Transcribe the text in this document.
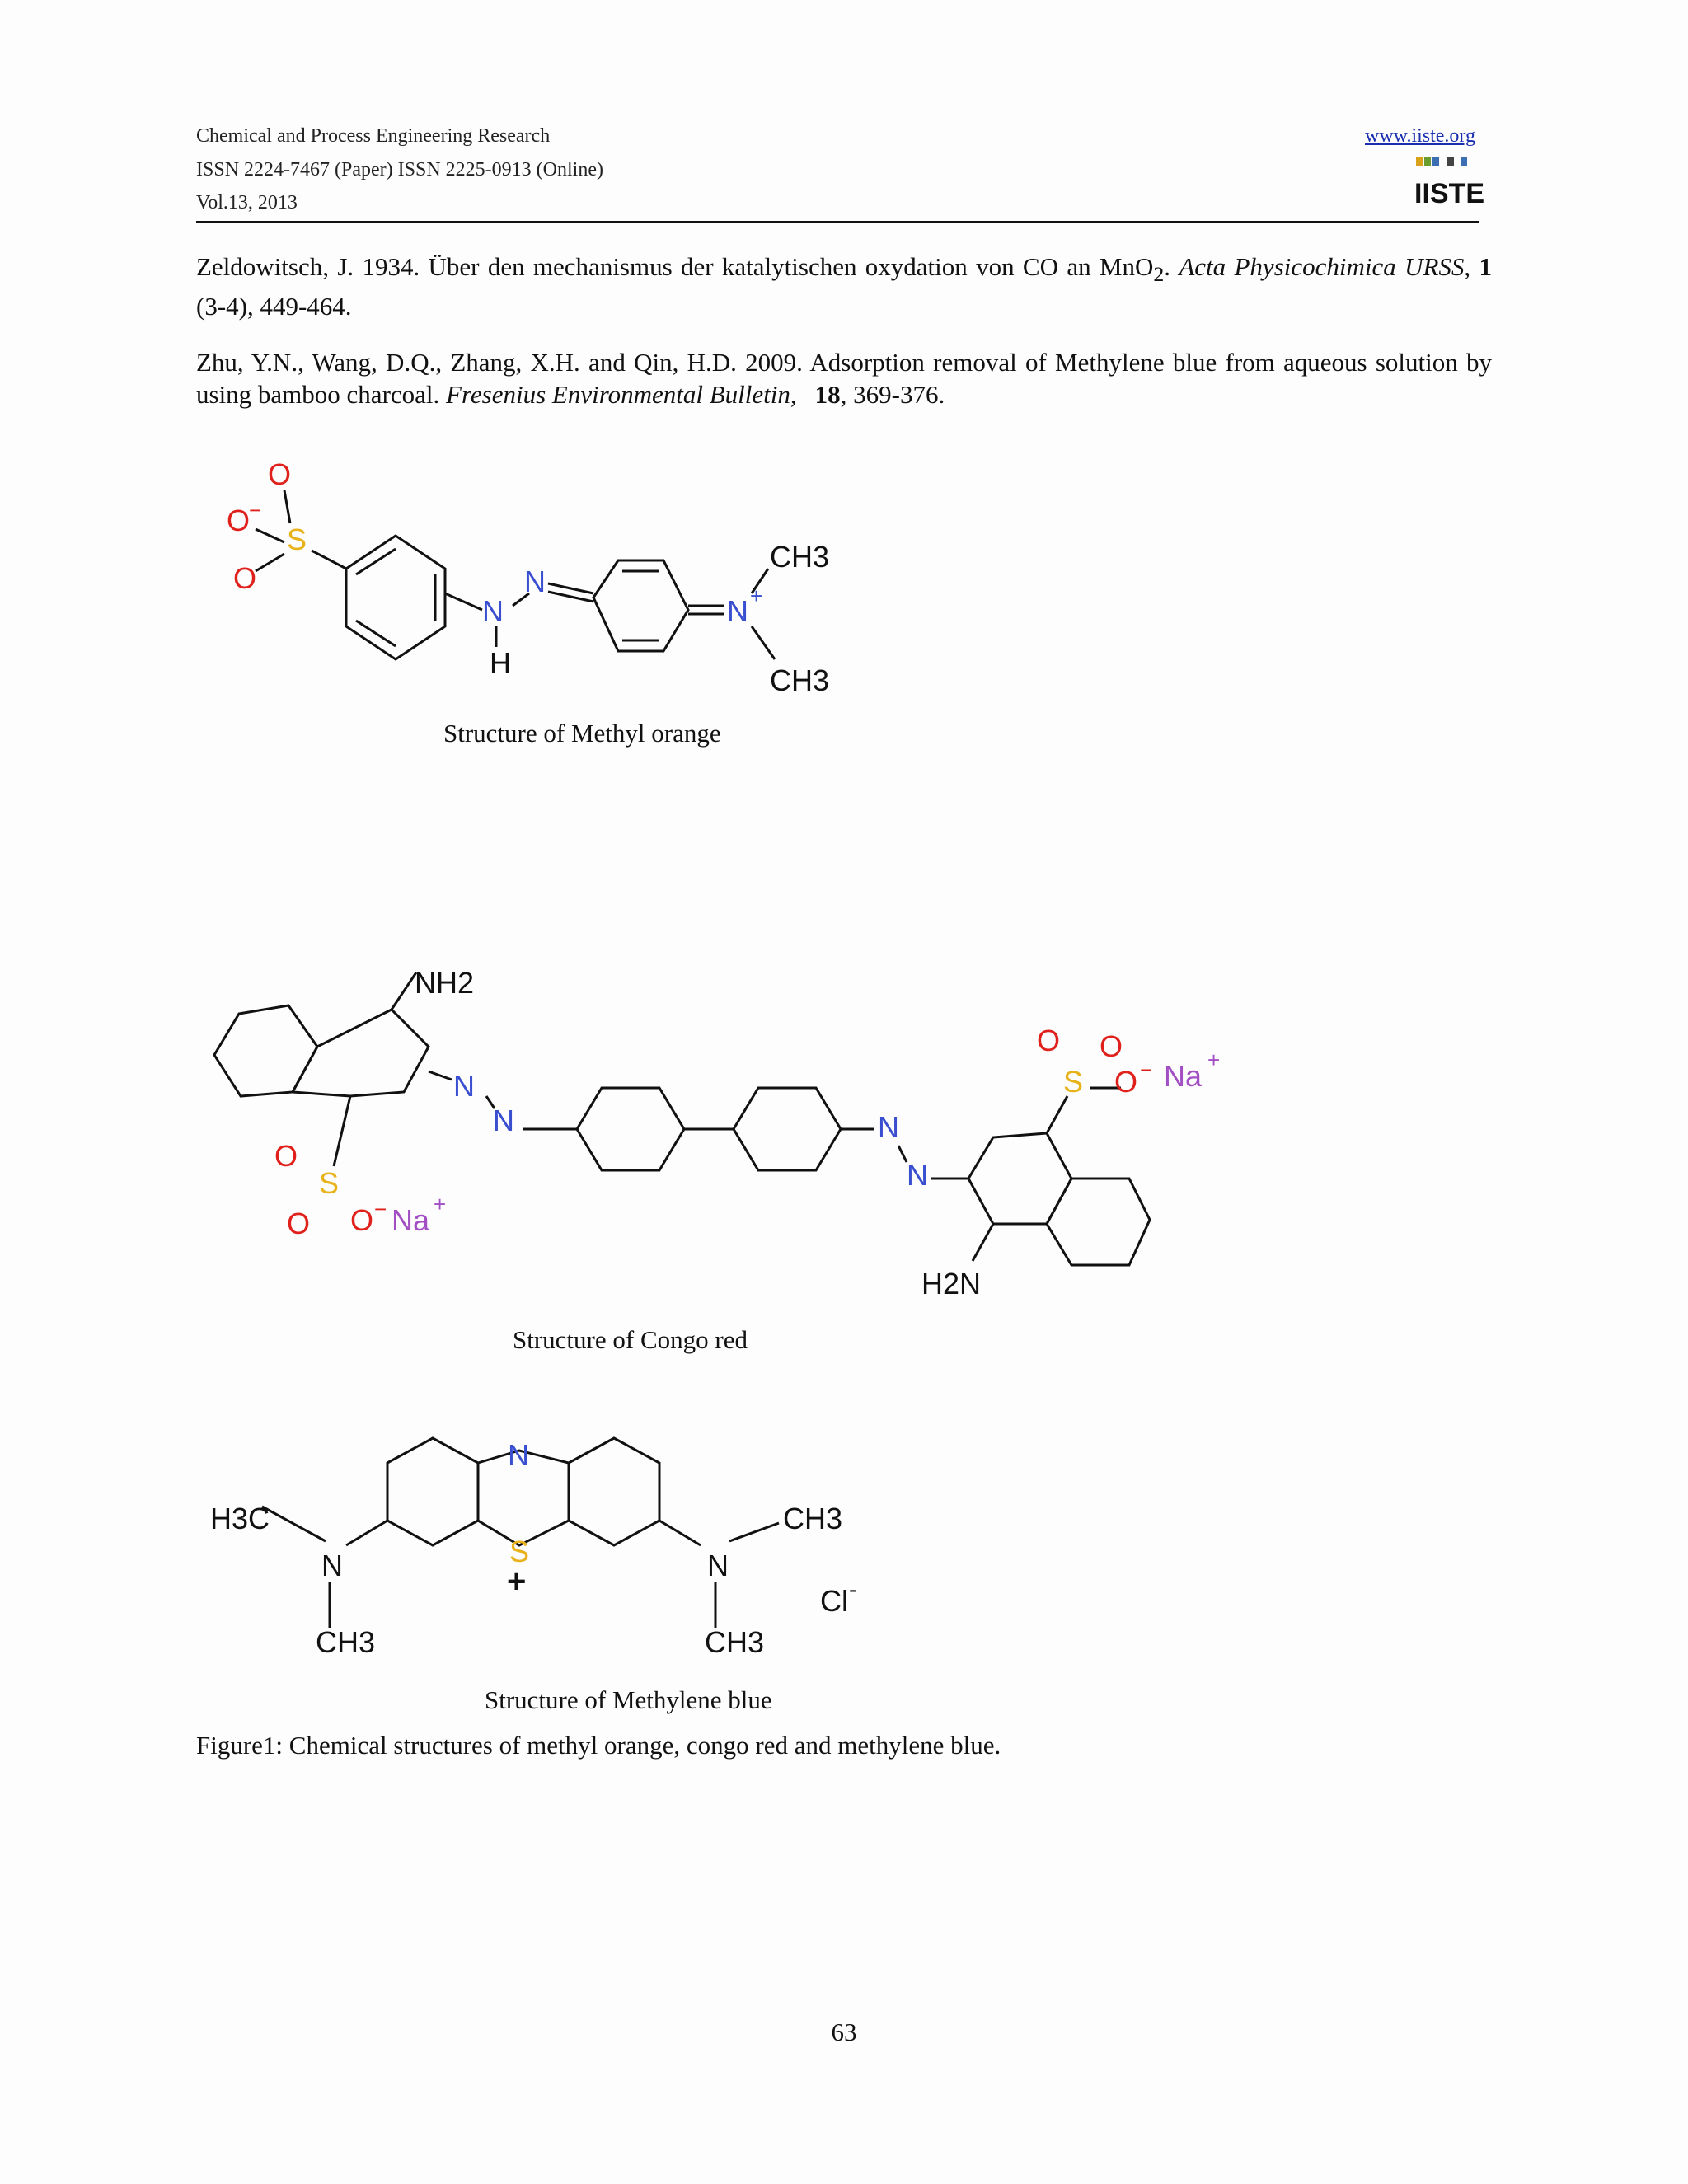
Chemical and Process Engineering Research
ISSN 2224-7467 (Paper) ISSN 2225-0913 (Online)
Vol.13, 2013
www.iiste.org
IISTE
Zeldowitsch, J. 1934. Über den mechanismus der katalytischen oxydation von CO an MnO$_2$. Acta Physicochimica URSS, 1 (3-4), 449-464.
Zhu, Y.N., Wang, D.Q., Zhang, X.H. and Qin, H.D. 2009. Adsorption removal of Methylene blue from aqueous solution by using bamboo charcoal. Fresenius Environmental Bulletin, 18, 369-376.
O
O
−
O
S
N
H
N
N +
CH3
CH3
NH2
N
N	N
N
H2N
O
S
O O − Na +
O O
S O − Na +
N
S
+
H3C
N
CH3
CH3
N
CH3
Cl -
Structure of Methyl orange
Structure of Congo red
Structure of Methylene blue
Figure1: Chemical structures of methyl orange, congo red and methylene blue.
63
